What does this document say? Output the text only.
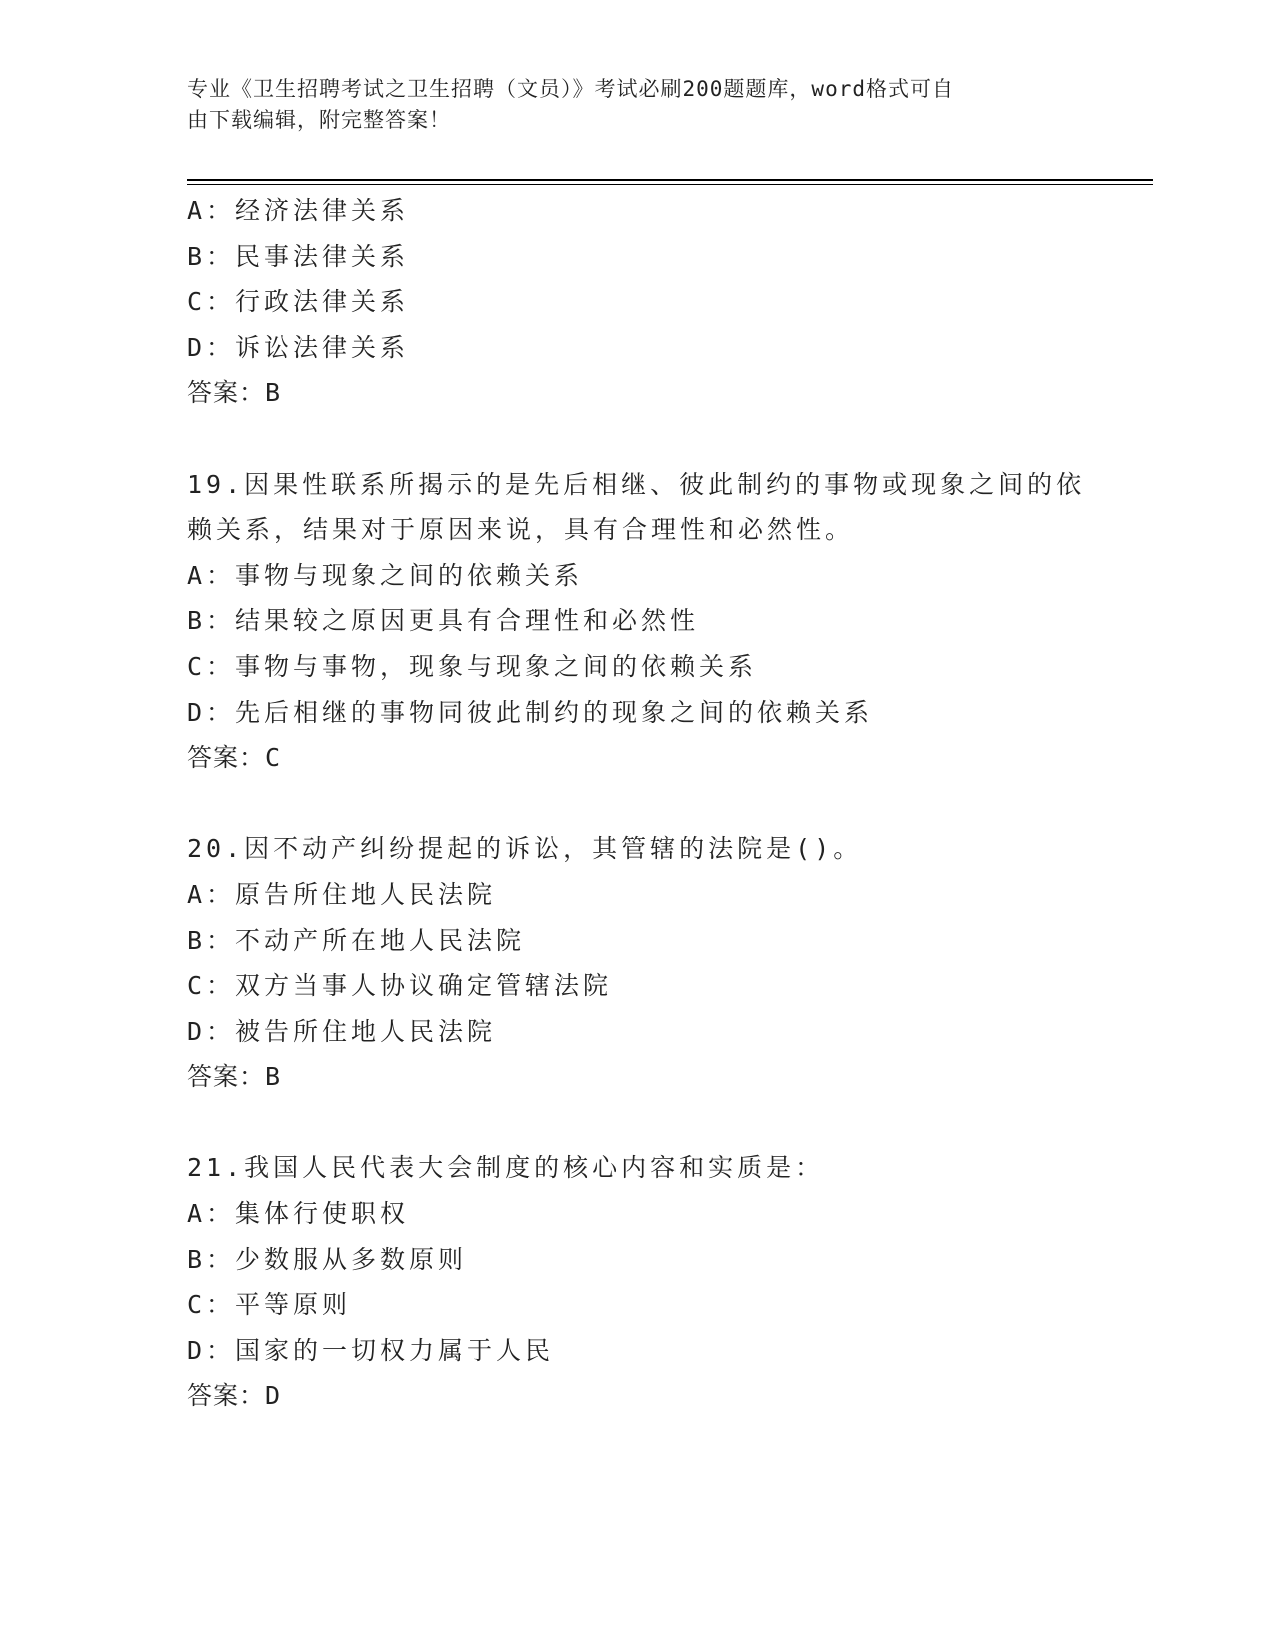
专业《卫生招聘考试之卫生招聘（文员）》考试必刷200题题库，word格式可自
由下载编辑，附完整答案！
A：经济法律关系
B：民事法律关系
C：行政法律关系
D：诉讼法律关系
答案：B
19.因果性联系所揭示的是先后相继、彼此制约的事物或现象之间的依
赖关系，结果对于原因来说，具有合理性和必然性。
A：事物与现象之间的依赖关系
B：结果较之原因更具有合理性和必然性
C：事物与事物，现象与现象之间的依赖关系
D：先后相继的事物同彼此制约的现象之间的依赖关系
答案：C
20.因不动产纠纷提起的诉讼，其管辖的法院是()。
A：原告所住地人民法院
B：不动产所在地人民法院
C：双方当事人协议确定管辖法院
D：被告所住地人民法院
答案：B
21.我国人民代表大会制度的核心内容和实质是：
A：集体行使职权
B：少数服从多数原则
C：平等原则
D：国家的一切权力属于人民
答案：D
